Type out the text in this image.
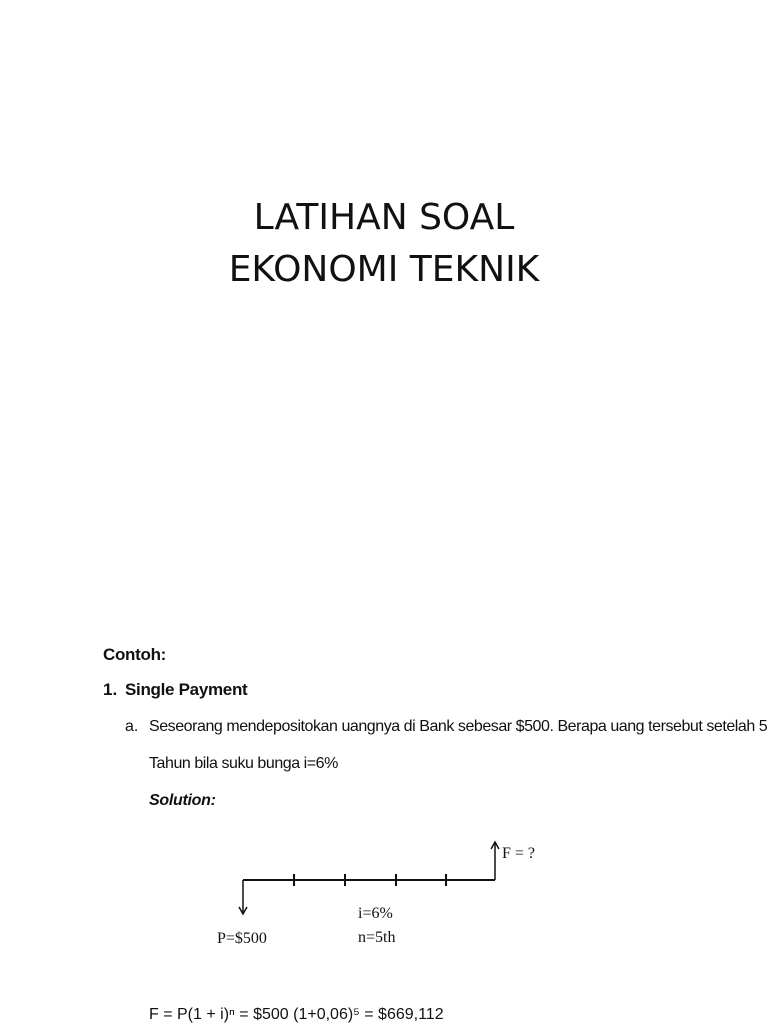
LATIHAN SOAL
EKONOMI TEKNIK
Contoh:
1. Single Payment
a. Seseorang mendepositokan uangnya di Bank sebesar $500. Berapa uang tersebut setelah 5
Tahun bila suku bunga i=6%
Solution:
F = ?
P=$500
i=6%
n=5th
F = P(1 + i)ⁿ = $500 (1+0,06)⁵ = $669,112
